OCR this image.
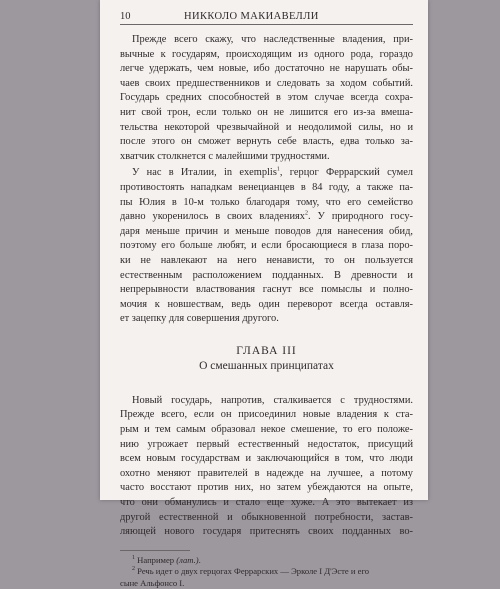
10	НИККОЛО МАКИАВЕЛЛИ
Прежде всего скажу, что наследственные владения, при-
вычные к государям, происходящим из одного рода, гораздо
легче удержать, чем новые, ибо достаточно не нарушать обы-
чаев своих предшественников и следовать за ходом событий.
Государь средних способностей в этом случае всегда сохра-
нит свой трон, если только он не лишится его из-за вмеша-
тельства некоторой чрезвычайной и неодолимой силы, но и
после этого он сможет вернуть себе власть, едва только за-
хватчик столкнется с малейшими трудностями.
У нас в Италии, in exemplis$^1$, герцог Феррарский сумел
противостоять нападкам венецианцев в 84 году, а также па-
пы Юлия в 10-м только благодаря тому, что его семейство
давно укоренилось в своих владениях$^2$. У природного госу-
даря меньше причин и меньше поводов для нанесения обид,
поэтому его больше любят, и если бросающиеся в глаза поро-
ки не навлекают на него ненависти, то он пользуется
естественным расположением подданных. В древности и
непрерывности властвования гаснут все помыслы и полно-
мочия к новшествам, ведь один переворот всегда оставля-
ет зацепку для совершения другого.
ГЛАВА III
О смешанных принципатах
Новый государь, напротив, сталкивается с трудностями.
Прежде всего, если он присоединил новые владения к ста-
рым и тем самым образовал некое смешение, то его положе-
нию угрожает первый естественный недостаток, присущий
всем новым государствам и заключающийся в том, что люди
охотно меняют правителей в надежде на лучшее, а потому
часто восстают против них, но затем убеждаются на опыте,
что они обманулись и стало еще хуже. А это вытекает из
другой естественной и обыкновенной потребности, застав-
ляющей нового государя притеснять своих подданных во-
$^1$ Например (лат.).
$^2$ Речь идет о двух герцогах Феррарских — Эрколе I Д'Эсте и его
сыне Альфонсо I.
